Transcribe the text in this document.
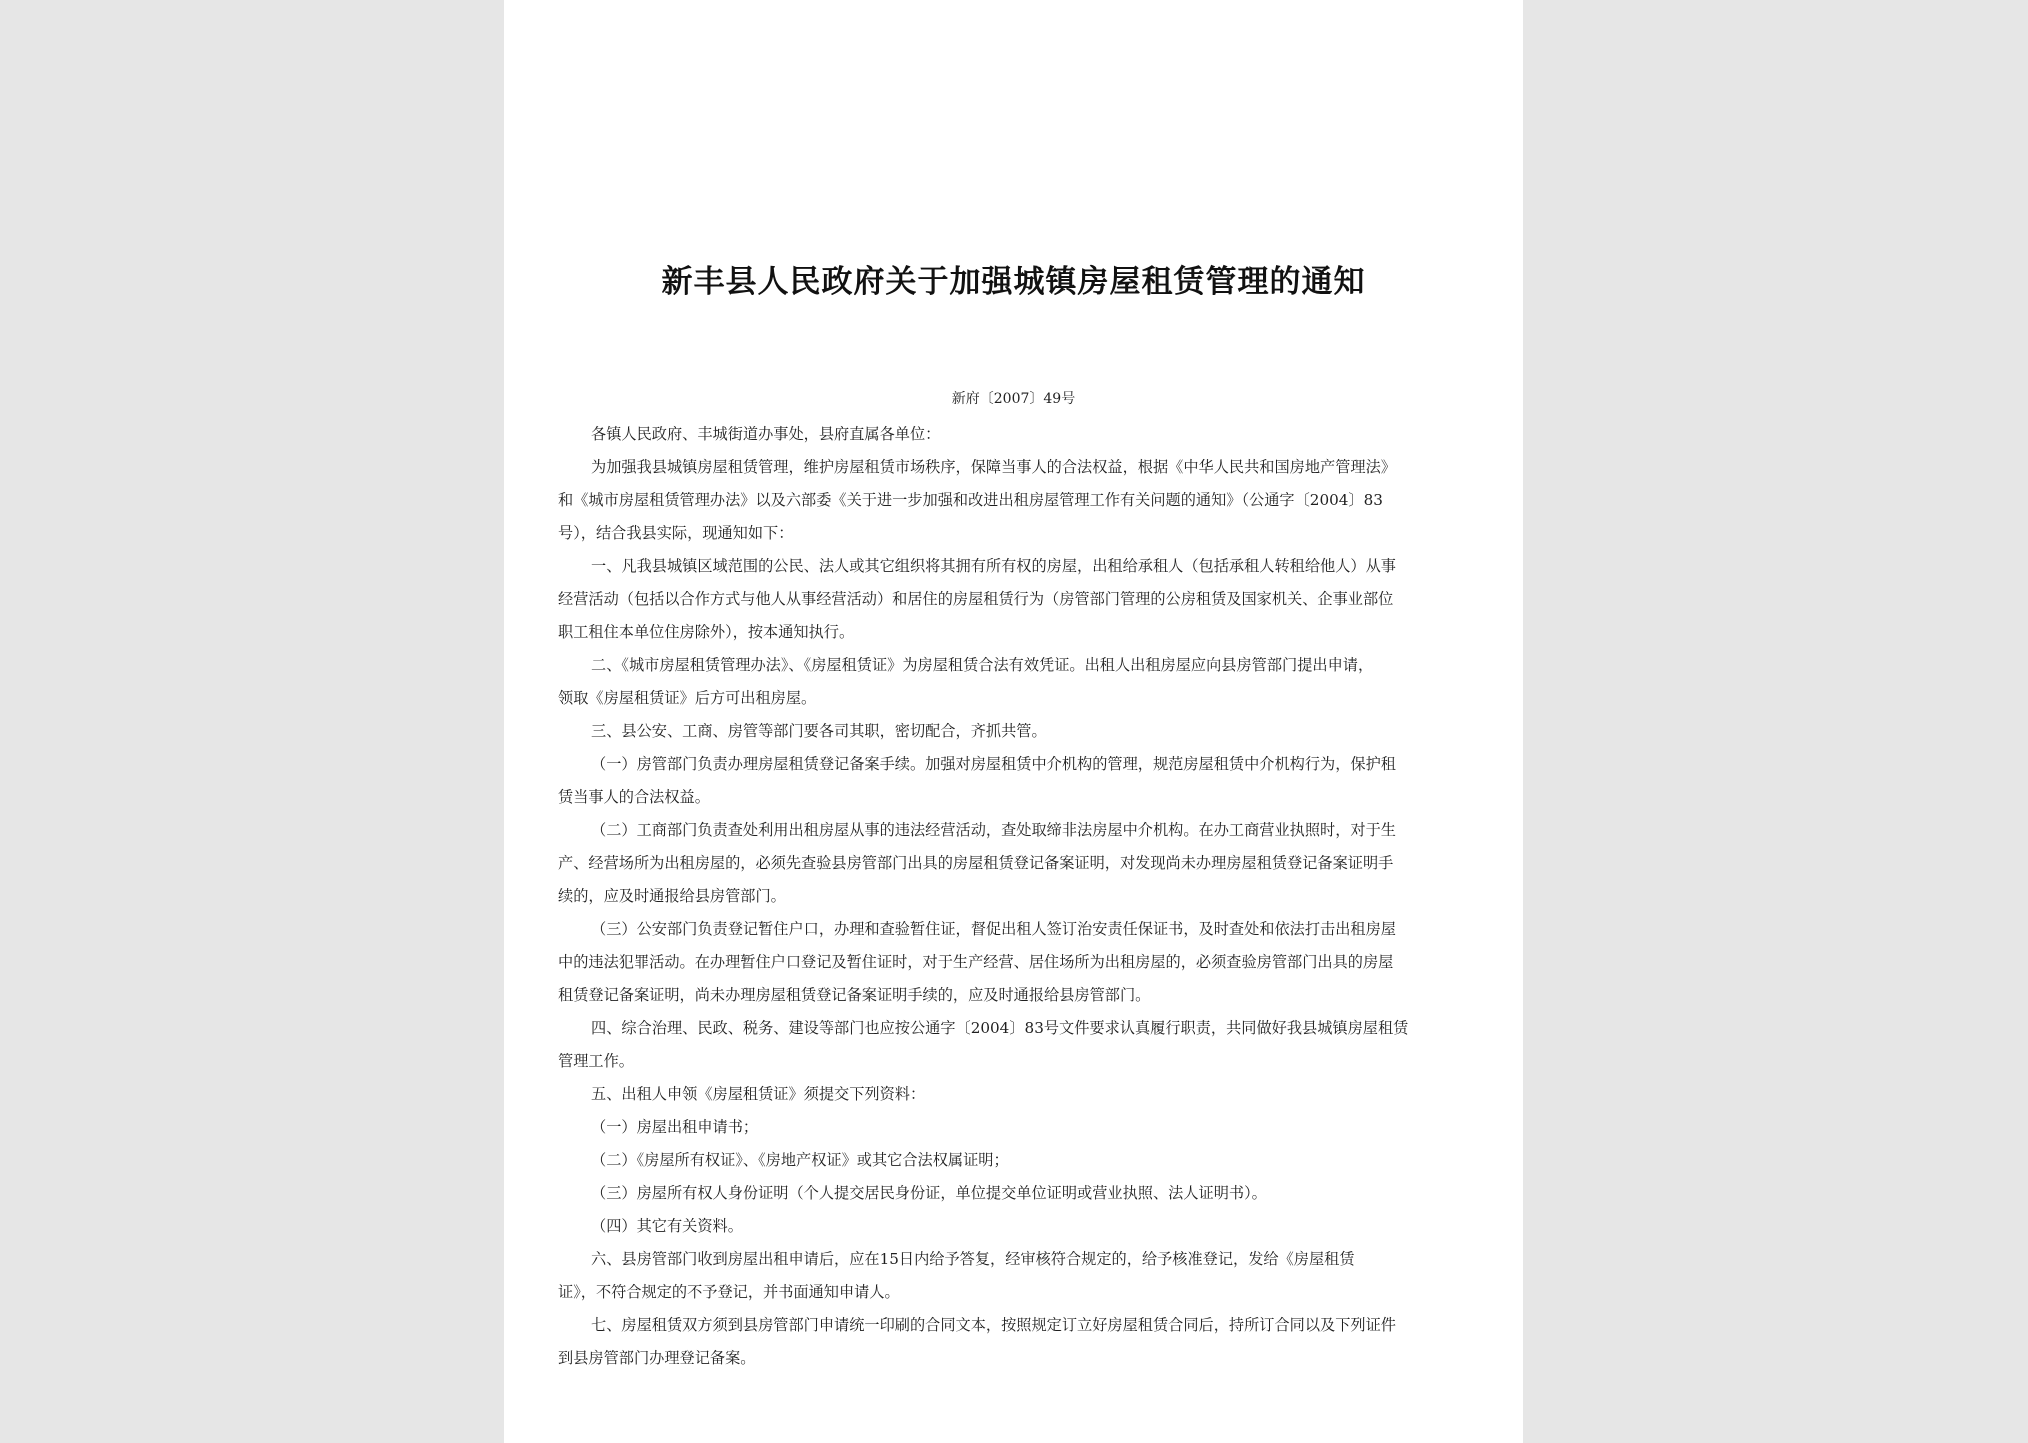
新丰县人民政府关于加强城镇房屋租赁管理的通知
新府〔2007〕49号
各镇人民政府、丰城街道办事处，县府直属各单位：
为加强我县城镇房屋租赁管理，维护房屋租赁市场秩序，保障当事人的合法权益，根据《中华人民共和国房地产管理法》
和《城市房屋租赁管理办法》以及六部委《关于进一步加强和改进出租房屋管理工作有关问题的通知》（公通字〔2004〕83
号），结合我县实际，现通知如下：
一、凡我县城镇区域范围的公民、法人或其它组织将其拥有所有权的房屋，出租给承租人（包括承租人转租给他人）从事
经营活动（包括以合作方式与他人从事经营活动）和居住的房屋租赁行为（房管部门管理的公房租赁及国家机关、企事业部位
职工租住本单位住房除外），按本通知执行。
二、《城市房屋租赁管理办法》、《房屋租赁证》为房屋租赁合法有效凭证。出租人出租房屋应向县房管部门提出申请，
领取《房屋租赁证》后方可出租房屋。
三、县公安、工商、房管等部门要各司其职，密切配合，齐抓共管。
（一）房管部门负责办理房屋租赁登记备案手续。加强对房屋租赁中介机构的管理，规范房屋租赁中介机构行为，保护租
赁当事人的合法权益。
（二）工商部门负责查处利用出租房屋从事的违法经营活动，查处取缔非法房屋中介机构。在办工商营业执照时，对于生
产、经营场所为出租房屋的，必须先查验县房管部门出具的房屋租赁登记备案证明，对发现尚未办理房屋租赁登记备案证明手
续的，应及时通报给县房管部门。
（三）公安部门负责登记暂住户口，办理和查验暂住证，督促出租人签订治安责任保证书，及时查处和依法打击出租房屋
中的违法犯罪活动。在办理暂住户口登记及暂住证时，对于生产经营、居住场所为出租房屋的，必须查验房管部门出具的房屋
租赁登记备案证明，尚未办理房屋租赁登记备案证明手续的，应及时通报给县房管部门。
四、综合治理、民政、税务、建设等部门也应按公通字〔2004〕83号文件要求认真履行职责，共同做好我县城镇房屋租赁
管理工作。
五、出租人申领《房屋租赁证》须提交下列资料：
（一）房屋出租申请书；
（二）《房屋所有权证》、《房地产权证》或其它合法权属证明；
（三）房屋所有权人身份证明（个人提交居民身份证，单位提交单位证明或营业执照、法人证明书）。
（四）其它有关资料。
六、县房管部门收到房屋出租申请后，应在15日内给予答复，经审核符合规定的，给予核准登记，发给《房屋租赁
证》，不符合规定的不予登记，并书面通知申请人。
七、房屋租赁双方须到县房管部门申请统一印刷的合同文本，按照规定订立好房屋租赁合同后，持所订合同以及下列证件
到县房管部门办理登记备案。
